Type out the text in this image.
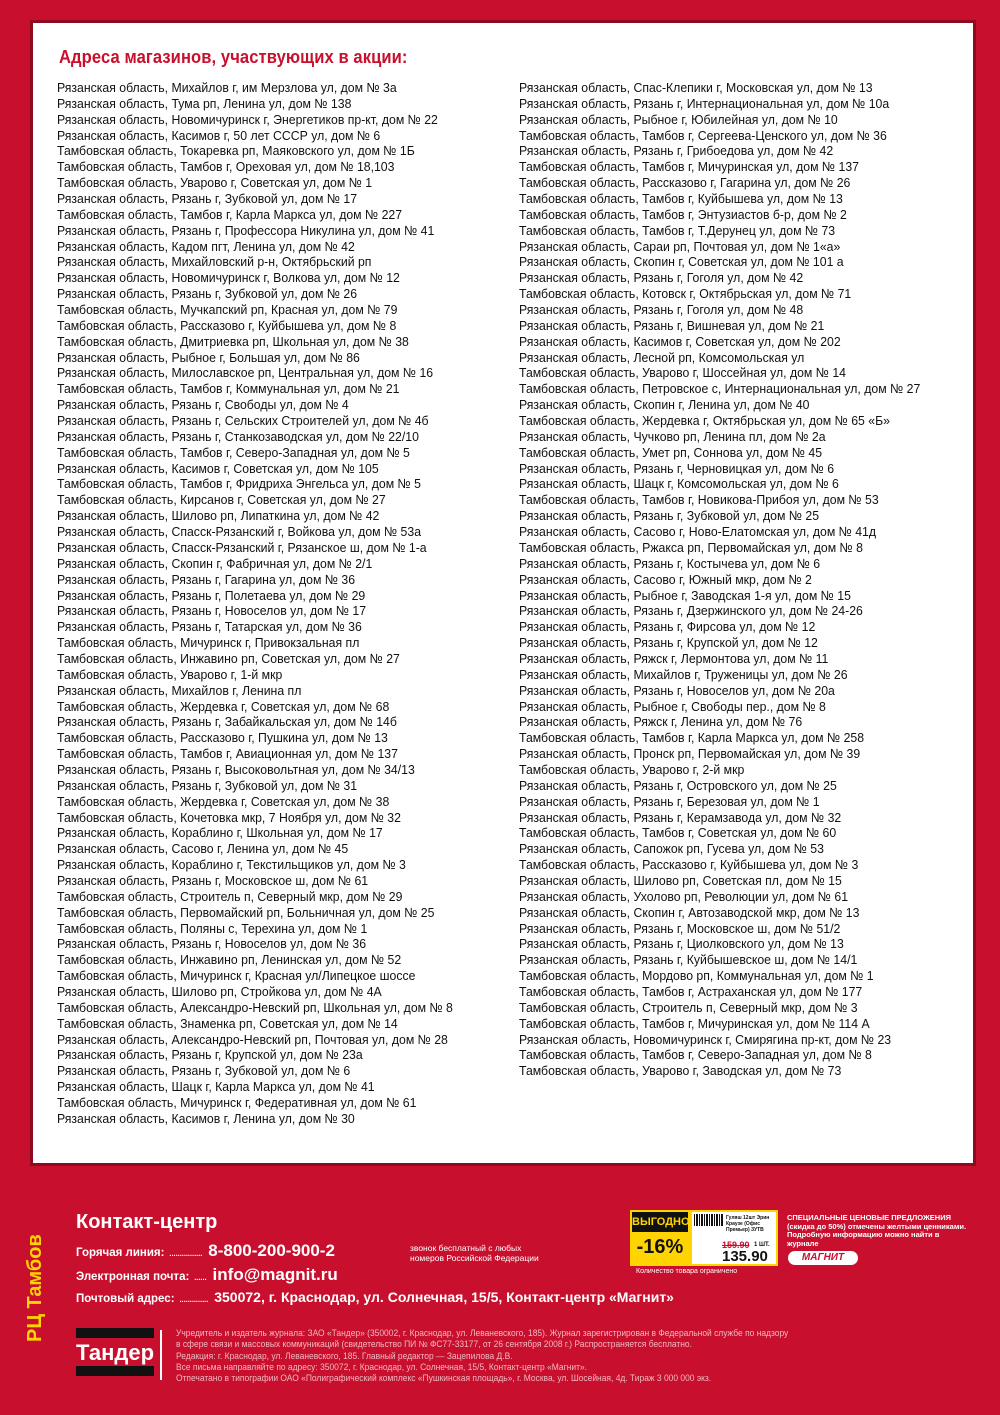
Адреса магазинов, участвующих в акции:
Рязанская область, Михайлов г, им Мерзлова ул, дом № 3а
Рязанская область, Тума рп, Ленина ул, дом № 138
Рязанская область, Новомичуринск г, Энергетиков пр-кт, дом № 22
Рязанская область, Касимов г, 50 лет СССР ул, дом № 6
Тамбовская область, Токаревка рп, Маяковского ул, дом № 1Б
Тамбовская область, Тамбов г, Ореховая ул, дом № 18,103
Тамбовская область, Уварово г, Советская ул, дом № 1
Рязанская область, Рязань г, Зубковой ул, дом № 17
Тамбовская область, Тамбов г, Карла Маркса ул, дом № 227
Рязанская область, Рязань г, Профессора Никулина ул, дом № 41
Рязанская область, Кадом пгт, Ленина ул, дом № 42
Рязанская область, Михайловский р-н, Октябрьский рп
Рязанская область, Новомичуринск г, Волкова ул, дом № 12
Рязанская область, Рязань г, Зубковой ул, дом № 26
Тамбовская область, Мучкапский рп, Красная ул, дом № 79
Тамбовская область, Рассказово г, Куйбышева ул, дом № 8
Тамбовская область, Дмитриевка рп, Школьная ул, дом № 38
Рязанская область, Рыбное г, Большая ул, дом № 86
Рязанская область, Милославское рп, Центральная ул, дом № 16
Тамбовская область, Тамбов г, Коммунальная ул, дом № 21
Рязанская область, Рязань г, Свободы ул, дом № 4
Рязанская область, Рязань г, Сельских Строителей ул, дом № 4б
Рязанская область, Рязань г, Станкозаводская ул, дом № 22/10
Тамбовская область, Тамбов г, Северо-Западная ул, дом № 5
Рязанская область, Касимов г, Советская ул, дом № 105
Тамбовская область, Тамбов г, Фридриха Энгельса ул, дом № 5
Тамбовская область, Кирсанов г, Советская ул, дом № 27
Рязанская область, Шилово рп, Липаткина ул, дом № 42
Рязанская область, Спасск-Рязанский г, Войкова ул, дом № 53а
Рязанская область, Спасск-Рязанский г, Рязанское ш, дом № 1-а
Рязанская область, Скопин г, Фабричная ул, дом № 2/1
Рязанская область, Рязань г, Гагарина ул, дом № 36
Рязанская область, Рязань г, Полетаева ул, дом № 29
Рязанская область, Рязань г, Новоселов ул, дом № 17
Рязанская область, Рязань г, Татарская ул, дом № 36
Тамбовская область, Мичуринск г, Привокзальная пл
Тамбовская область, Инжавино рп, Советская ул, дом № 27
Тамбовская область, Уварово г, 1-й мкр
Рязанская область, Михайлов г, Ленина пл
Тамбовская область, Жердевка г, Советская ул, дом № 68
Рязанская область, Рязань г, Забайкальская ул, дом № 14б
Тамбовская область, Рассказово г, Пушкина ул, дом № 13
Тамбовская область, Тамбов г, Авиационная ул, дом № 137
Рязанская область, Рязань г, Высоковольтная ул, дом № 34/13
Рязанская область, Рязань г, Зубковой ул, дом № 31
Тамбовская область, Жердевка г, Советская ул, дом № 38
Тамбовская область, Кочетовка мкр, 7 Ноября ул, дом № 32
Рязанская область, Кораблино г, Школьная ул, дом № 17
Рязанская область, Сасово г, Ленина ул, дом № 45
Рязанская область, Кораблино г, Текстильщиков ул, дом № 3
Рязанская область, Рязань г, Московское ш, дом № 61
Тамбовская область, Строитель п, Северный мкр, дом № 29
Тамбовская область, Первомайский рп, Больничная ул, дом № 25
Тамбовская область, Поляны с, Терехина ул, дом № 1
Рязанская область, Рязань г, Новоселов ул, дом № 36
Тамбовская область, Инжавино рп, Ленинская ул, дом № 52
Тамбовская область, Мичуринск г, Красная ул/Липецкое шоссе
Рязанская область, Шилово рп, Стройкова ул, дом № 4А
Тамбовская область, Александро-Невский рп, Школьная ул, дом № 8
Тамбовская область, Знаменка рп, Советская ул, дом № 14
Рязанская область, Александро-Невский рп, Почтовая ул, дом № 28
Рязанская область, Рязань г, Крупской ул, дом № 23а
Рязанская область, Рязань г, Зубковой ул, дом № 6
Рязанская область, Шацк г, Карла Маркса ул, дом № 41
Тамбовская область, Мичуринск г, Федеративная ул, дом № 61
Рязанская область, Касимов г, Ленина ул, дом № 30
Рязанская область, Спас-Клепики г, Московская ул, дом № 13
Рязанская область, Рязань г, Интернациональная ул, дом № 10а
Рязанская область, Рыбное г, Юбилейная ул, дом № 10
Тамбовская область, Тамбов г, Сергеева-Ценского ул, дом № 36
Рязанская область, Рязань г, Грибоедова ул, дом № 42
Тамбовская область, Тамбов г, Мичуринская ул, дом № 137
Тамбовская область, Рассказово г, Гагарина ул, дом № 26
Тамбовская область, Тамбов г, Куйбышева ул, дом № 13
Тамбовская область, Тамбов г, Энтузиастов б-р, дом № 2
Тамбовская область, Тамбов г, Т.Дерунец ул, дом № 73
Рязанская область, Сараи рп, Почтовая ул, дом № 1«а»
Рязанская область, Скопин г, Советская ул, дом № 101 а
Рязанская область, Рязань г, Гоголя ул, дом № 42
Тамбовская область, Котовск г, Октябрьская ул, дом № 71
Рязанская область, Рязань г, Гоголя ул, дом № 48
Рязанская область, Рязань г, Вишневая ул, дом № 21
Рязанская область, Касимов г, Советская ул, дом № 202
Рязанская область, Лесной рп, Комсомольская ул
Тамбовская область, Уварово г, Шоссейная ул, дом № 14
Тамбовская область, Петровское с, Интернациональная ул, дом № 27
Рязанская область, Скопин г, Ленина ул, дом № 40
Тамбовская область, Жердевка г, Октябрьская ул, дом № 65 «Б»
Рязанская область, Чучково рп, Ленина пл, дом № 2а
Тамбовская область, Умет рп, Соннова ул, дом № 45
Рязанская область, Рязань г, Черновицкая ул, дом № 6
Рязанская область, Шацк г, Комсомольская ул, дом № 6
Тамбовская область, Тамбов г, Новикова-Прибоя ул, дом № 53
Рязанская область, Рязань г, Зубковой ул, дом № 25
Рязанская область, Сасово г, Ново-Елатомская ул, дом № 41д
Тамбовская область, Ржакса рп, Первомайская ул, дом № 8
Рязанская область, Рязань г, Костычева ул, дом № 6
Рязанская область, Сасово г, Южный мкр, дом № 2
Рязанская область, Рыбное г, Заводская 1-я ул, дом № 15
Рязанская область, Рязань г, Дзержинского ул, дом № 24-26
Рязанская область, Рязань г, Фирсова ул, дом № 12
Рязанская область, Рязань г, Крупской ул, дом № 12
Рязанская область, Ряжск г, Лермонтова ул, дом № 11
Рязанская область, Михайлов г, Труженицы ул, дом № 26
Рязанская область, Рязань г, Новоселов ул, дом № 20а
Рязанская область, Рыбное г, Свободы пер., дом № 8
Рязанская область, Ряжск г, Ленина ул, дом № 76
Тамбовская область, Тамбов г, Карла Маркса ул, дом № 258
Рязанская область, Пронск рп, Первомайская ул, дом № 39
Тамбовская область, Уварово г, 2-й мкр
Рязанская область, Рязань г, Островского ул, дом № 25
Рязанская область, Рязань г, Березовая ул, дом № 1
Рязанская область, Рязань г, Керамзавода ул, дом № 32
Тамбовская область, Тамбов г, Советская ул, дом № 60
Рязанская область, Сапожок рп, Гусева ул, дом № 53
Тамбовская область, Рассказово г, Куйбышева ул, дом № 3
Рязанская область, Шилово рп, Советская пл, дом № 15
Рязанская область, Ухолово рп, Революции ул, дом № 61
Рязанская область, Скопин г, Автозаводской мкр, дом № 13
Рязанская область, Рязань г, Московское ш, дом № 51/2
Рязанская область, Рязань г, Циолковского ул, дом № 13
Рязанская область, Рязань г, Куйбышевское ш, дом № 14/1
Тамбовская область, Мордово рп, Коммунальная ул, дом № 1
Тамбовская область, Тамбов г, Астраханская ул, дом № 177
Тамбовская область, Строитель п, Северный мкр, дом № 3
Тамбовская область, Тамбов г, Мичуринская ул, дом № 114 А
Рязанская область, Новомичуринск г, Смирягина пр-кт, дом № 23
Тамбовская область, Тамбов г, Северо-Западная ул, дом № 8
Тамбовская область, Уварово г, Заводская ул, дом № 73
РЦ Тамбов
Контакт-центр
Горячая линия: ................ 8-800-200-900-2	звонок бесплатный с любых номеров Российской Федерации
Электронная почта: ...... info@magnit.ru
Почтовый адрес: .............. 350072, г. Краснодар, ул. Солнечная, 15/5, Контакт-центр «Магнит»
ВЫГОДНО
-16%
Гуляш 12шт Эрин Краузе (Офис Премьер) ЗУТВ
159.90 1 ШТ.
135.90
Количество товара ограничено
СПЕЦИАЛЬНЫЕ ЦЕНОВЫЕ ПРЕДЛОЖЕНИЯ (скидка до 50%) отмечены желтыми ценниками. Подробную информацию можно найти в журнале
МАГНИТ
Тандер
Учредитель и издатель журнала: ЗАО «Тандер» (350002, г. Краснодар, ул. Леваневского, 185). Журнал зарегистрирован в Федеральной службе по надзору
в сфере связи и массовых коммуникаций (свидетельство ПИ № ФС77-33177, от 26 сентября 2008 г.) Распространяется бесплатно.
Редакция: г. Краснодар, ул. Леваневского, 185. Главный редактор — Зацепилова Д.В.
Все письма направляйте по адресу: 350072, г. Краснодар, ул. Солнечная, 15/5, Контакт-центр «Магнит».
Отпечатано в типографии ОАО «Полиграфический комплекс «Пушкинская площадь», г. Москва, ул. Шосейная, 4д. Тираж 3 000 000 экз.
